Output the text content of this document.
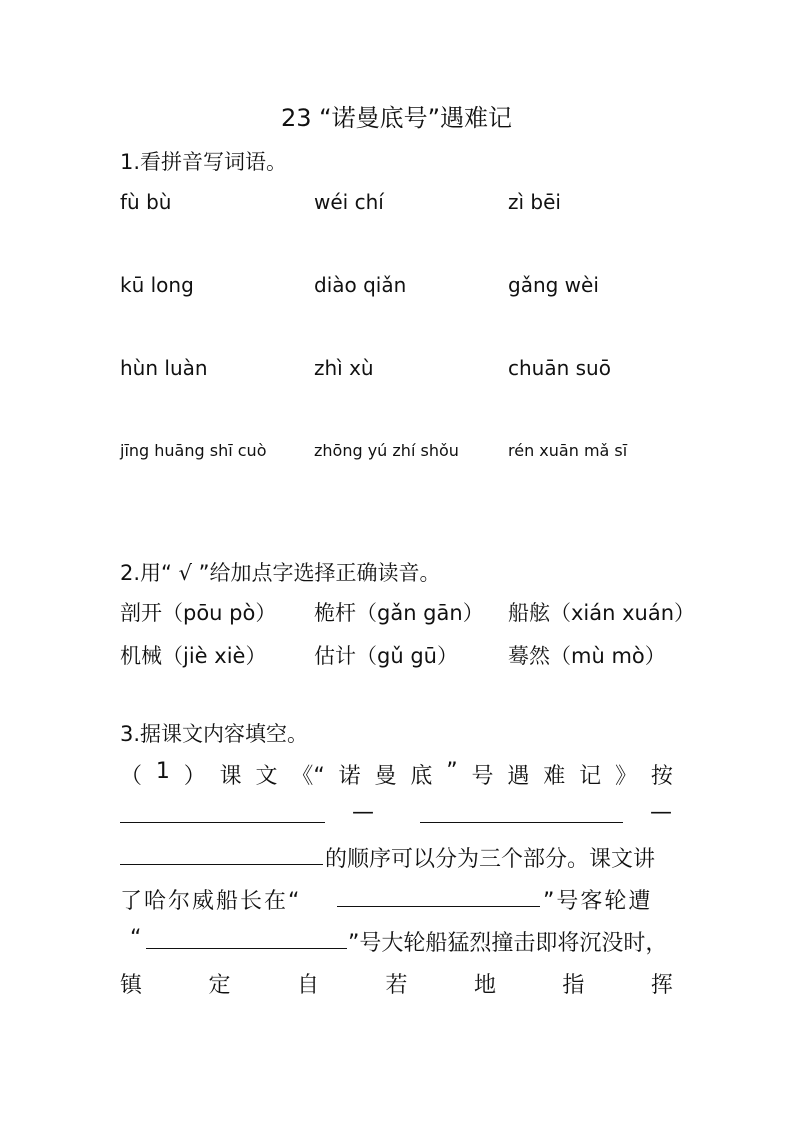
23 “诺曼底号”遇难记
1.看拼音写词语。
fù bù	wéi chí	zì bēi
kū long	diào qiǎn	gǎng wèi
hùn luàn	zhì xù	chuān suō
jīng huāng shī cuò	zhōng yú zhí shǒu	rén xuān mǎ sī
2.用“ √ ”给加点字选择正确读音。
剖开（pōu pò） 桅杆（gǎn gān） 船舷（xián xuán）
机械（jiè xiè） 估计（gǔ gū） 蓦然（mù mò）
3.据课文内容填空。
（ 1 ） 课 文 《“ 诺 曼 底 ” 号 遇 难 记 》 按
—	—
的顺序可以分为三个部分。课文讲
了哈尔威船长在“	”号客轮遭
“	”号大轮船猛烈撞击即将沉没时，
镇	定	自	若	地	指	挥
